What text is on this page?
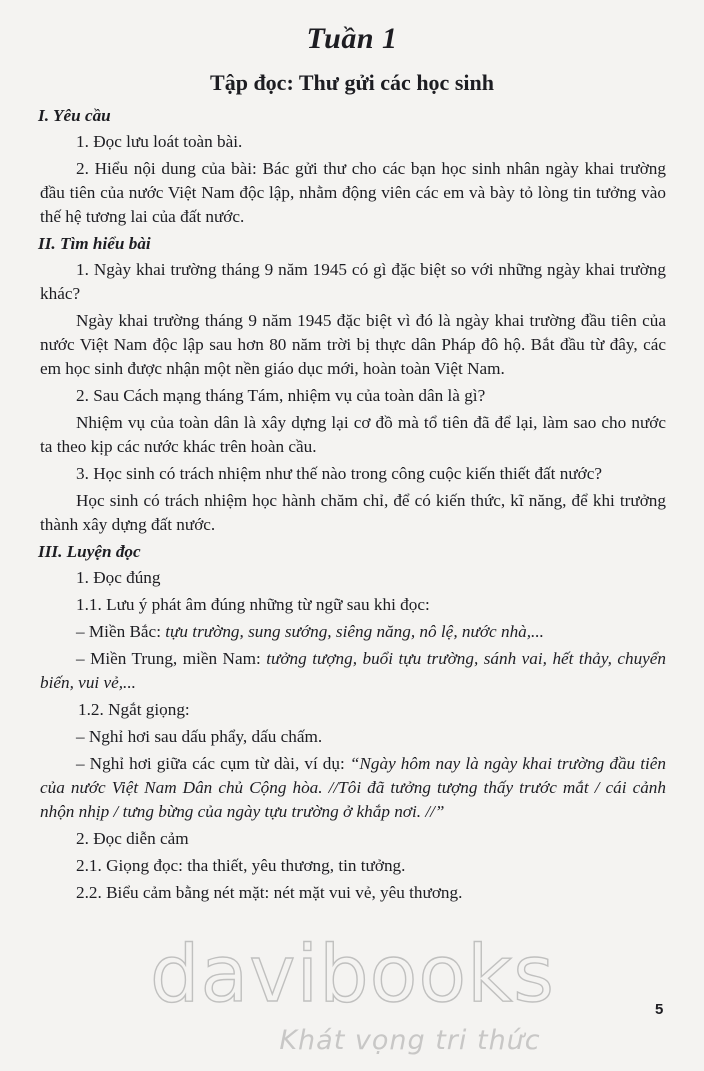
Tuần 1
Tập đọc: Thư gửi các học sinh

I. Yêu cầu

1. Đọc lưu loát toàn bài.

2. Hiểu nội dung của bài: Bác gửi thư cho các bạn học sinh nhân ngày khai trường đầu tiên của nước Việt Nam độc lập, nhằm động viên các em và bày tỏ lòng tin tưởng vào thế hệ tương lai của đất nước.

II. Tìm hiểu bài

1. Ngày khai trường tháng 9 năm 1945 có gì đặc biệt so với những ngày khai trường khác?

Ngày khai trường tháng 9 năm 1945 đặc biệt vì đó là ngày khai trường đầu tiên của nước Việt Nam độc lập sau hơn 80 năm trời bị thực dân Pháp đô hộ. Bắt đầu từ đây, các em học sinh được nhận một nền giáo dục mới, hoàn toàn Việt Nam.

2. Sau Cách mạng tháng Tám, nhiệm vụ của toàn dân là gì?

Nhiệm vụ của toàn dân là xây dựng lại cơ đồ mà tổ tiên đã để lại, làm sao cho nước ta theo kịp các nước khác trên hoàn cầu.

3. Học sinh có trách nhiệm như thế nào trong công cuộc kiến thiết đất nước?

Học sinh có trách nhiệm học hành chăm chỉ, để có kiến thức, kĩ năng, để khi trưởng thành xây dựng đất nước.

III. Luyện đọc

1. Đọc đúng

1.1. Lưu ý phát âm đúng những từ ngữ sau khi đọc:

– Miền Bắc: tựu trường, sung sướng, siêng năng, nô lệ, nước nhà,...

– Miền Trung, miền Nam: tưởng tượng, buổi tựu trường, sánh vai, hết thảy, chuyển biến, vui vẻ,...

1.2. Ngắt giọng:

– Nghỉ hơi sau dấu phẩy, dấu chấm.

– Nghỉ hơi giữa các cụm từ dài, ví dụ: “Ngày hôm nay là ngày khai trường đầu tiên của nước Việt Nam Dân chủ Cộng hòa. //Tôi đã tưởng tượng thấy trước mắt / cái cảnh nhộn nhịp / tưng bừng của ngày tựu trường ở khắp nơi. //”

2. Đọc diễn cảm

2.1. Giọng đọc: tha thiết, yêu thương, tin tưởng.

2.2. Biểu cảm bằng nét mặt: nét mặt vui vẻ, yêu thương.

davibooks
Khát vọng tri thức
5
